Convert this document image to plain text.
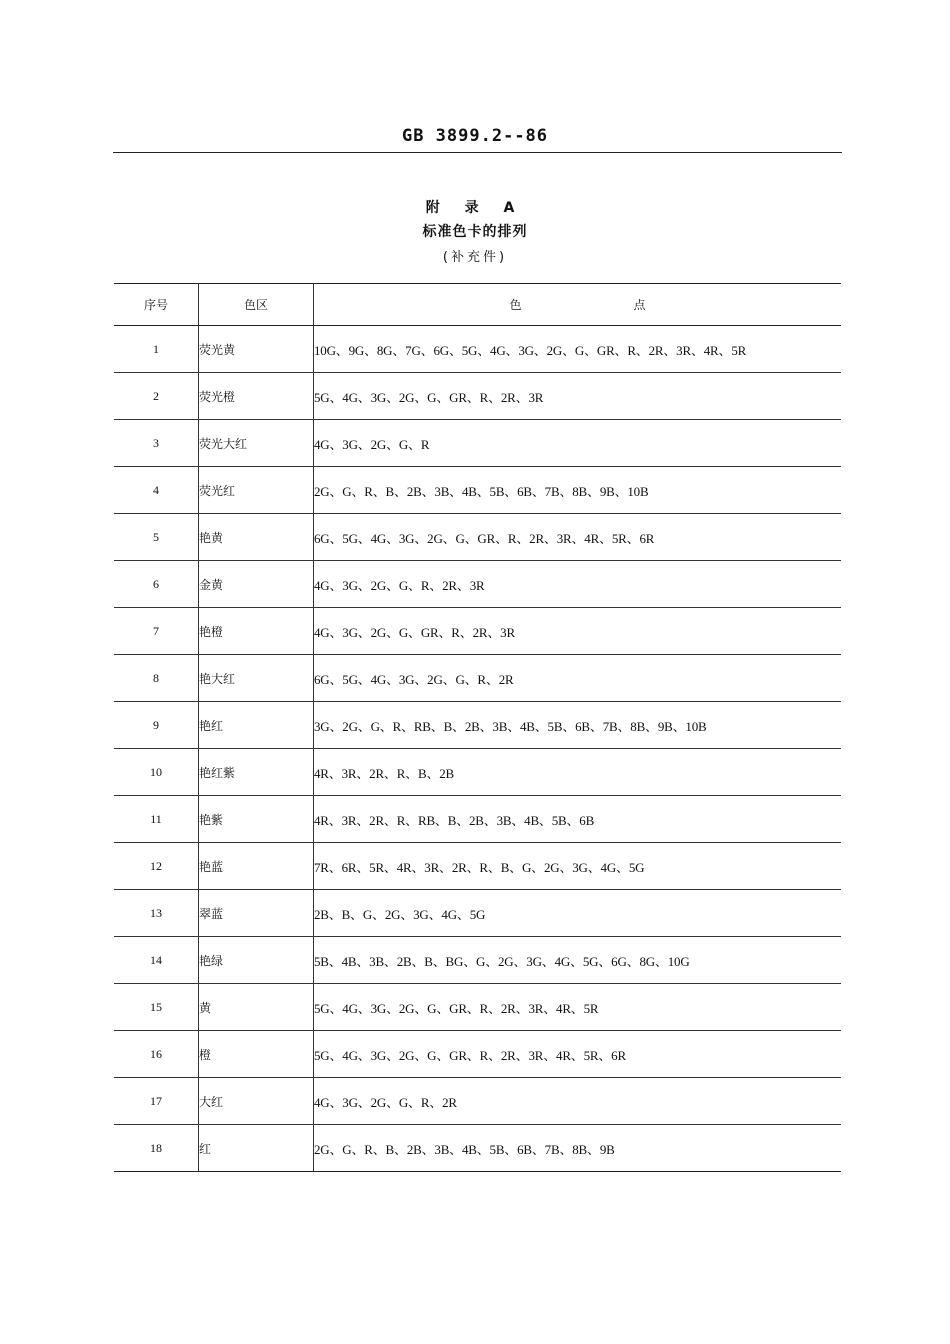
GB 3899.2--86
附 录 A
标准色卡的排列
(补充件)
序号	色区	色 点
1	荧光黄	10G、9G、8G、7G、6G、5G、4G、3G、2G、G、GR、R、2R、3R、4R、5R
2	荧光橙	5G、4G、3G、2G、G、GR、R、2R、3R
3	荧光大红	4G、3G、2G、G、R
4	荧光红	2G、G、R、B、2B、3B、4B、5B、6B、7B、8B、9B、10B
5	艳黄	6G、5G、4G、3G、2G、G、GR、R、2R、3R、4R、5R、6R
6	金黄	4G、3G、2G、G、R、2R、3R
7	艳橙	4G、3G、2G、G、GR、R、2R、3R
8	艳大红	6G、5G、4G、3G、2G、G、R、2R
9	艳红	3G、2G、G、R、RB、B、2B、3B、4B、5B、6B、7B、8B、9B、10B
10	艳红紫	4R、3R、2R、R、B、2B
11	艳紫	4R、3R、2R、R、RB、B、2B、3B、4B、5B、6B
12	艳蓝	7R、6R、5R、4R、3R、2R、R、B、G、2G、3G、4G、5G
13	翠蓝	2B、B、G、2G、3G、4G、5G
14	艳绿	5B、4B、3B、2B、B、BG、G、2G、3G、4G、5G、6G、8G、10G
15	黄	5G、4G、3G、2G、G、GR、R、2R、3R、4R、5R
16	橙	5G、4G、3G、2G、G、GR、R、2R、3R、4R、5R、6R
17	大红	4G、3G、2G、G、R、2R
18	红	2G、G、R、B、2B、3B、4B、5B、6B、7B、8B、9B
